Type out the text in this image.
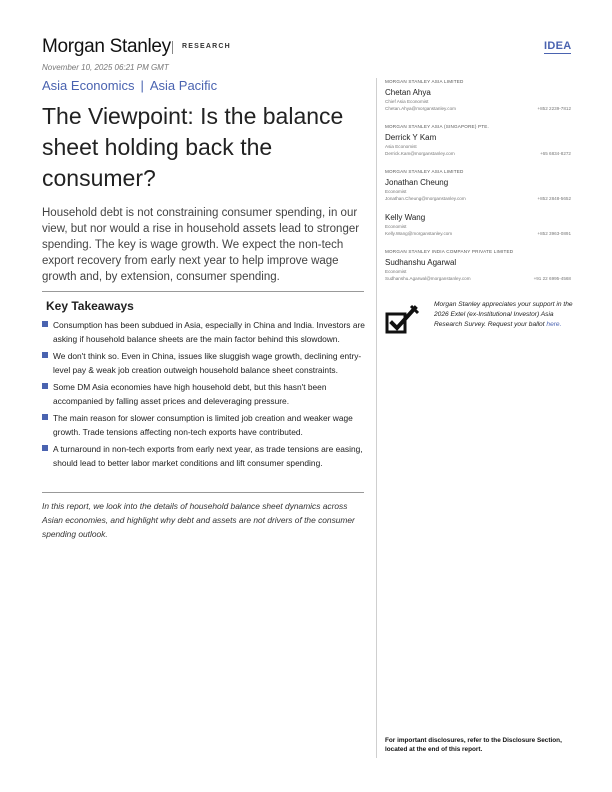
Morgan Stanley RESEARCH	IDEA
November 10, 2025 06:21 PM GMT
Asia Economics | Asia Pacific
The Viewpoint: Is the balance sheet holding back the consumer?

Household debt is not constraining consumer spending, in our view, but nor would a rise in household assets lead to stronger spending. The key is wage growth. We expect the non-tech export recovery from early next year to help improve wage growth and, by extension, consumer spending.

Key Takeaways
Consumption has been subdued in Asia, especially in China and India. Investors are asking if household balance sheets are the main factor behind this slowdown.
We don't think so. Even in China, issues like sluggish wage growth, declining entry-level pay & weak job creation outweigh household balance sheet constraints.
Some DM Asia economies have high household debt, but this hasn't been accompanied by falling asset prices and deleveraging pressure.
The main reason for slower consumption is limited job creation and weaker wage growth. Trade tensions affecting non-tech exports have contributed.
A turnaround in non-tech exports from early next year, as trade tensions are easing, should lead to better labor market conditions and lift consumer spending.

In this report, we look into the details of household balance sheet dynamics across Asian economies, and highlight why debt and assets are not drivers of the consumer spending outlook.

MORGAN STANLEY ASIA LIMITED
Chetan Ahya
Chief Asia Economist
Chetan.Ahya@morganstanley.com	+852 2239-7812
MORGAN STANLEY ASIA (SINGAPORE) PTE.
Derrick Y Kam
Asia Economist
Derrick.Kam@morganstanley.com	+65 6834-8272
MORGAN STANLEY ASIA LIMITED
Jonathan Cheung
Economist
Jonathan.Cheung@morganstanley.com	+852 2848-5652
Kelly Wang
Economist
Kelly.Wang@morganstanley.com	+852 3963-0891
MORGAN STANLEY INDIA COMPANY PRIVATE LIMITED
Sudhanshu Agarwal
Economist
Sudhanshu.Agarwal@morganstanley.com	+91 22 6995-4568

Morgan Stanley appreciates your support in the 2026 Extel (ex-Institutional Investor) Asia Research Survey. Request your ballot here.

For important disclosures, refer to the Disclosure Section, located at the end of this report.
